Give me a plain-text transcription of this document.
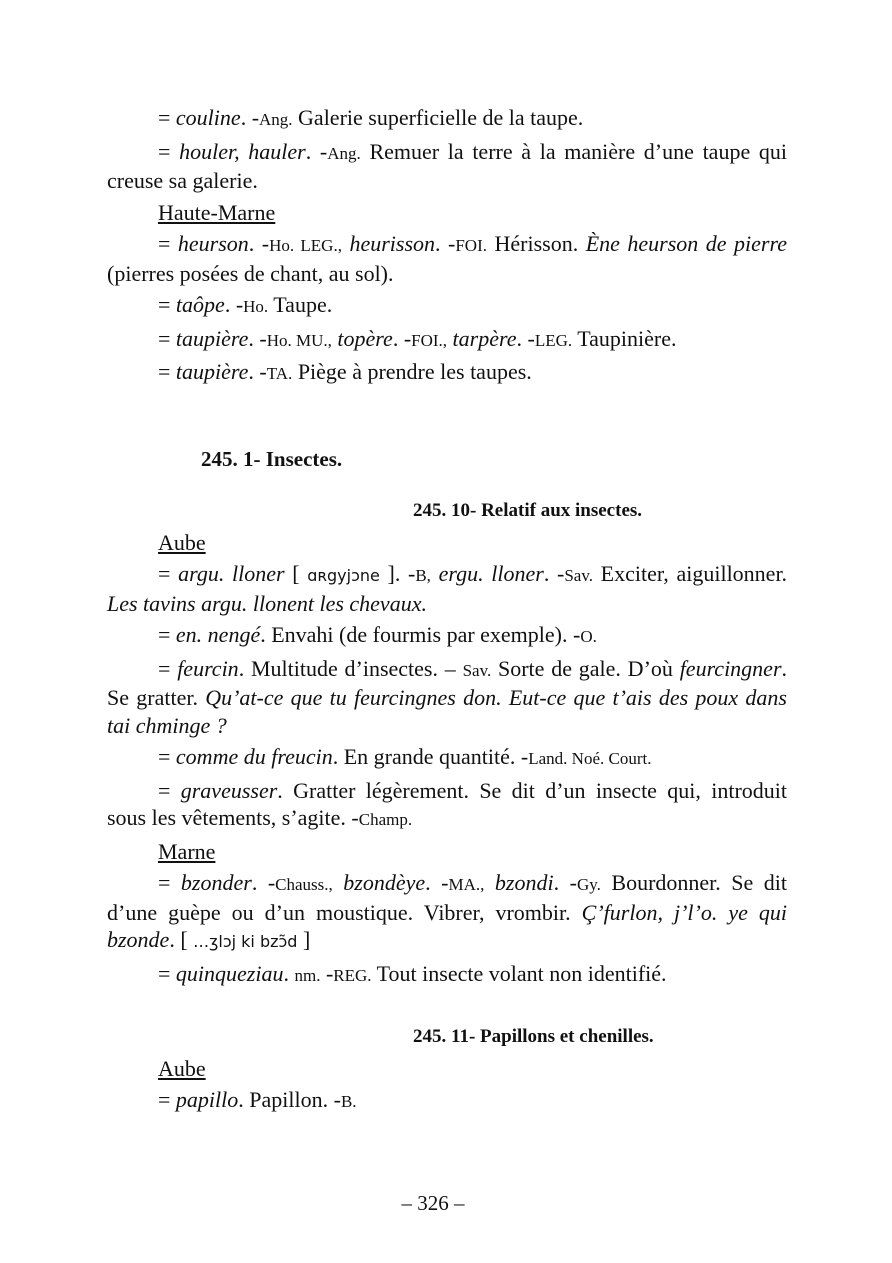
= couline. -Ang. Galerie superficielle de la taupe.

= houler, hauler. -Ang. Remuer la terre à la manière d’une taupe qui creuse sa galerie.

Haute-Marne

= heurson. -Ho. LEG., heurisson. -FOI. Hérisson. Ène heurson de pierre (pierres posées de chant, au sol).

= taôpe. -Ho. Taupe.

= taupière. -Ho. MU., topère. -FOI., tarpère. -LEG. Taupinière.

= taupière. -TA. Piège à prendre les taupes.

245. 1- Insectes.

245. 10- Relatif aux insectes.

Aube

= argu. lloner [ ɑʀgyjɔne ]. -B, ergu. lloner. -Sav. Exciter, aiguillonner. Les tavins argu. llonent les chevaux.

= en. nengé. Envahi (de fourmis par exemple). -O.

= feurcin. Multitude d’insectes. – Sav. Sorte de gale. D’où feurcingner. Se gratter. Qu’at-ce que tu feurcingnes don. Eut-ce que t’ais des poux dans tai chminge ?

= comme du freucin. En grande quantité. -Land. Noé. Court.

= graveusser. Gratter légèrement. Se dit d’un insecte qui, introduit sous les vêtements, s’agite. -Champ.

Marne

= bzonder. -Chauss., bzondèye. -MA., bzondi. -Gy. Bourdonner. Se dit d’une guèpe ou d’un moustique. Vibrer, vrombir. Ç’furlon, j’l’o. ye qui bzonde. [ …ʒlɔj ki bzɔ̃d ]

= quinqueziau. nm. -REG. Tout insecte volant non identifié.

245. 11- Papillons et chenilles.

Aube

= papillo. Papillon. -B.

– 326 –
